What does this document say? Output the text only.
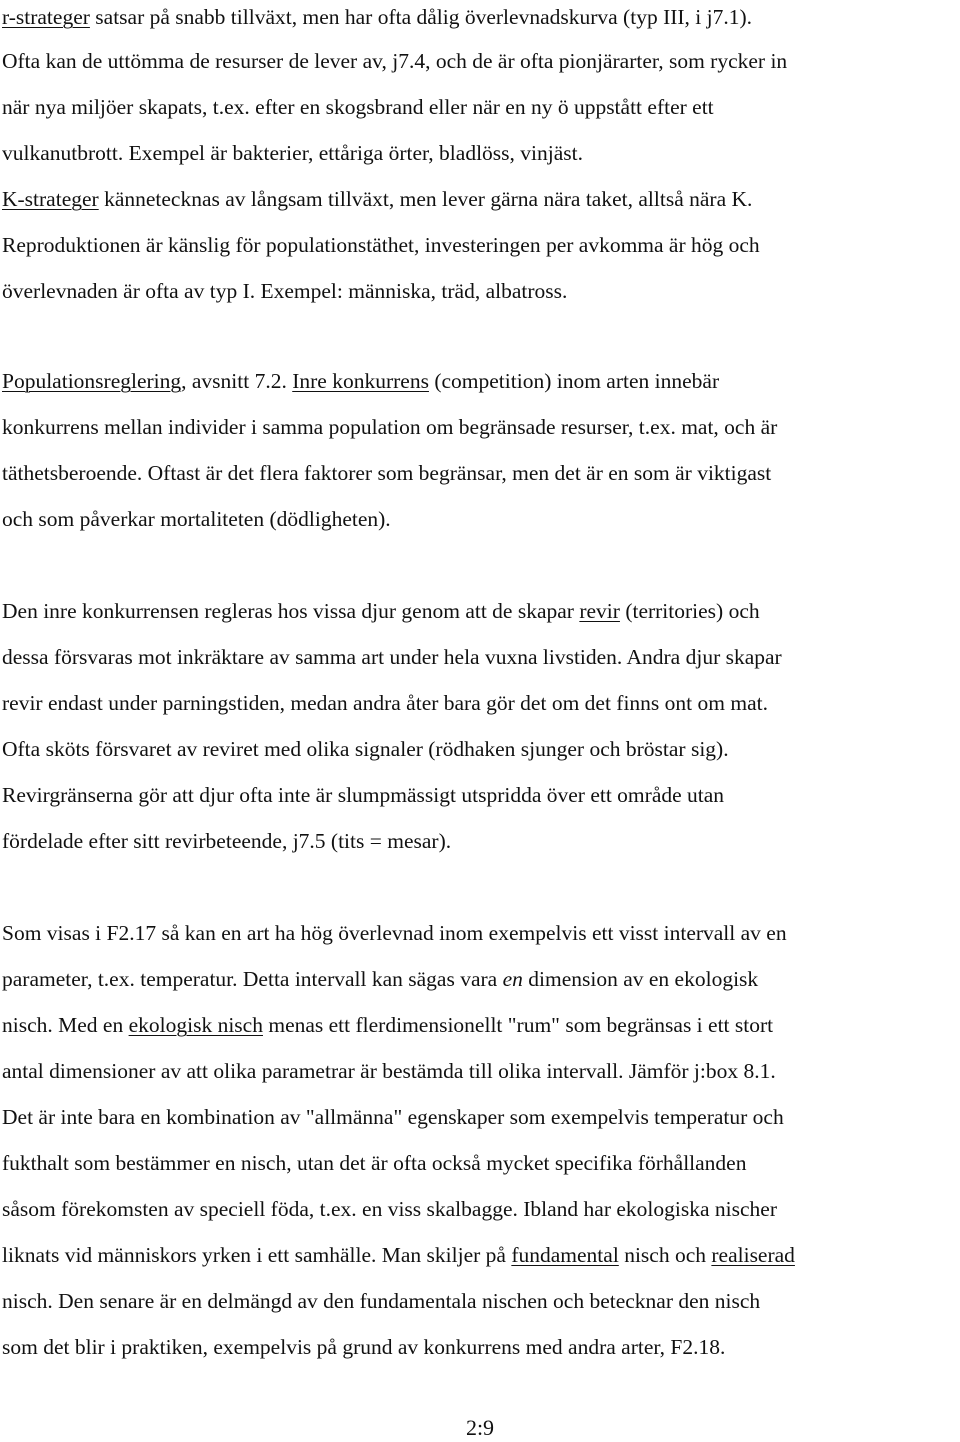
r-strateger satsar på snabb tillväxt, men har ofta dålig överlevnadskurva (typ III, i j7.1).
Ofta kan de uttömma de resurser de lever av, j7.4, och de är ofta pionjärarter, som rycker in
när nya miljöer skapats, t.ex. efter en skogsbrand eller när en ny ö uppstått efter ett
vulkanutbrott. Exempel är bakterier, ettåriga örter, bladlöss, vinjäst.
K-strateger kännetecknas av långsam tillväxt, men lever gärna nära taket, alltså nära K.
Reproduktionen är känslig för populationstäthet, investeringen per avkomma är hög och
överlevnaden är ofta av typ I. Exempel: människa, träd, albatross.
Populationsreglering, avsnitt 7.2. Inre konkurrens (competition) inom arten innebär
konkurrens mellan individer i samma population om begränsade resurser, t.ex. mat, och är
täthetsberoende. Oftast är det flera faktorer som begränsar, men det är en som är viktigast
och som påverkar mortaliteten (dödligheten).
Den inre konkurrensen regleras hos vissa djur genom att de skapar revir (territories) och
dessa försvaras mot inkräktare av samma art under hela vuxna livstiden. Andra djur skapar
revir endast under parningstiden, medan andra åter bara gör det om det finns ont om mat.
Ofta sköts försvaret av reviret med olika signaler (rödhaken sjunger och bröstar sig).
Revirgränserna gör att djur ofta inte är slumpmässigt utspridda över ett område utan
fördelade efter sitt revirbeteende, j7.5 (tits = mesar).
Som visas i F2.17 så kan en art ha hög överlevnad inom exempelvis ett visst intervall av en
parameter, t.ex. temperatur. Detta intervall kan sägas vara en dimension av en ekologisk
nisch. Med en ekologisk nisch menas ett flerdimensionellt "rum" som begränsas i ett stort
antal dimensioner av att olika parametrar är bestämda till olika intervall. Jämför j:box 8.1.
Det är inte bara en kombination av "allmänna" egenskaper som exempelvis temperatur och
fukthalt som bestämmer en nisch, utan det är ofta också mycket specifika förhållanden
såsom förekomsten av speciell föda, t.ex. en viss skalbagge. Ibland har ekologiska nischer
liknats vid människors yrken i ett samhälle. Man skiljer på fundamental nisch och realiserad
nisch. Den senare är en delmängd av den fundamentala nischen och betecknar den nisch
som det blir i praktiken, exempelvis på grund av konkurrens med andra arter, F2.18.
2:9
